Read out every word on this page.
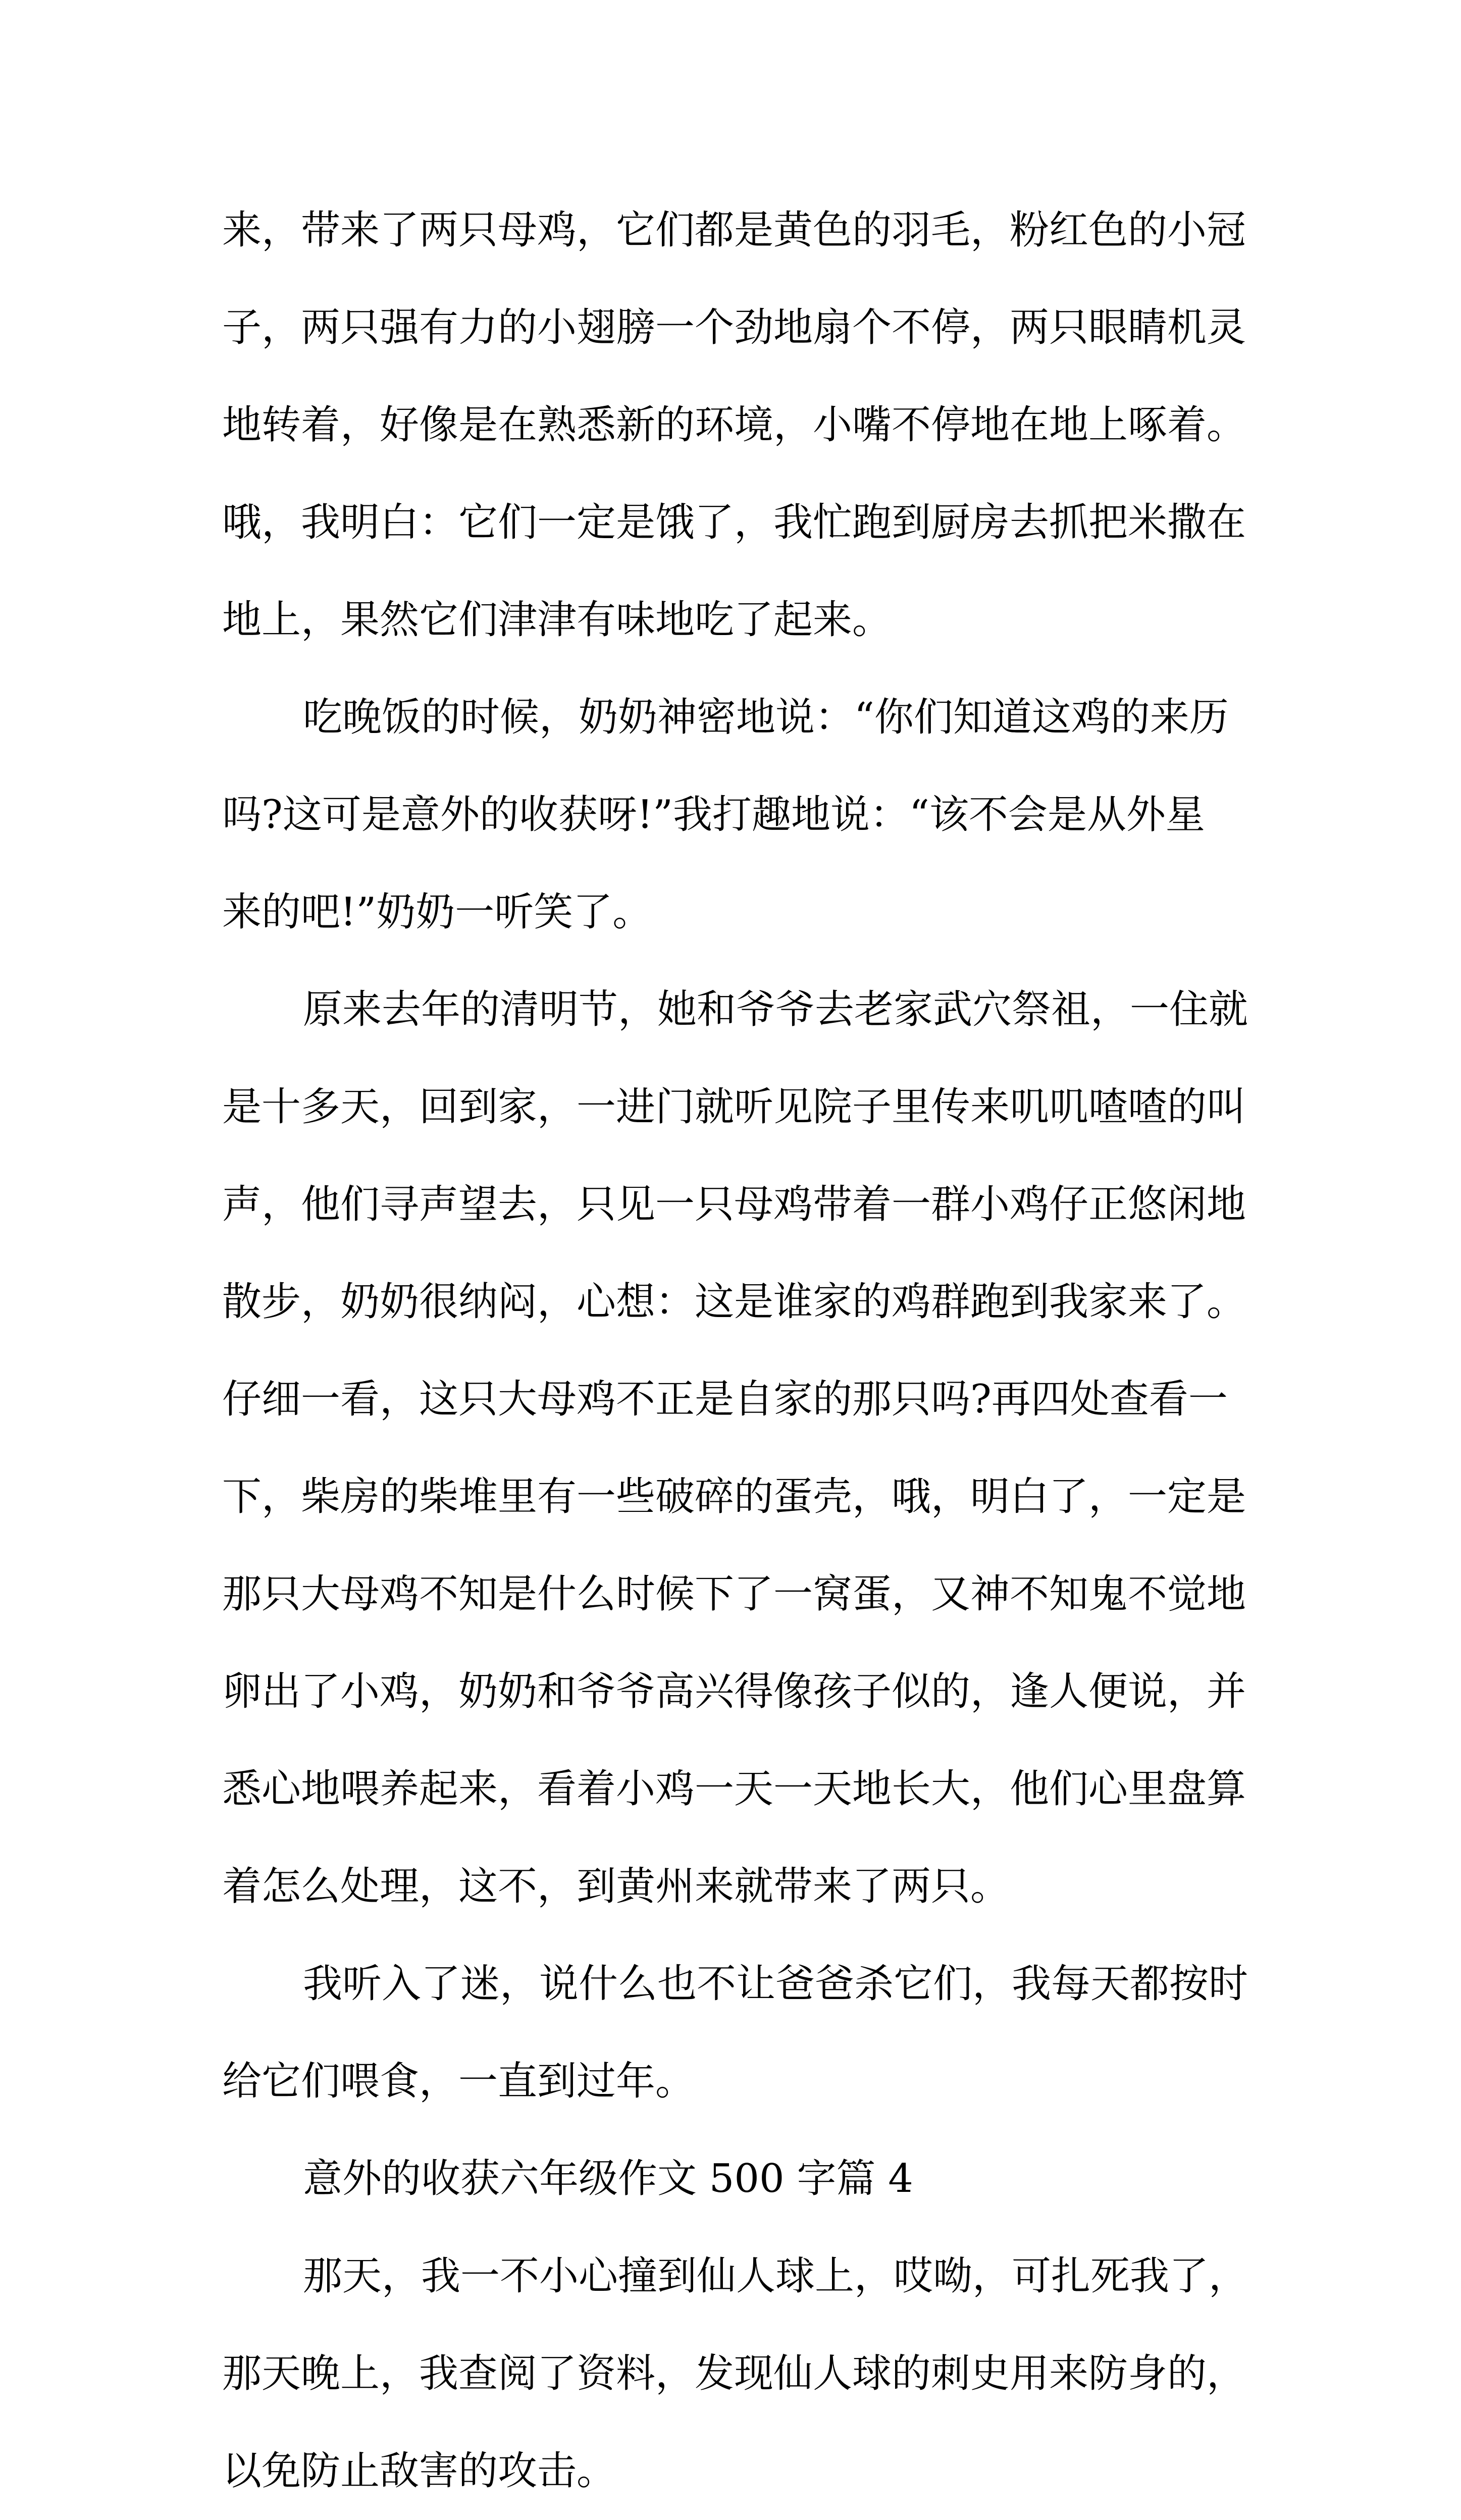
来，带来了两只母鸡，它们都是黄色的羽毛，粉红色的小冠
子，两只强有力的小翅膀一个劲地扇个不停，两只眼睛机灵
地转着，好像是在熟悉新的环境，小嘴不停地在地上啄着。
哦，我明白：它们一定是饿了，我忙跑到厨房去抓把米撒在
地上，果然它们津津有味地吃了起来。
吃晚饭的时候，奶奶神密地说：“你们知道这鸡的来历
吗?这可是意外的收获呀!”我打趣地说：“该不会是从外星
来的吧!”奶奶一听笑了。
原来去年的清明节，她和爷爷去老家武穴祭祖，一住就
是十多天，回到家，一进门就听见院子里传来叽叽喳喳的叫
声，他们寻声望去，只见一只母鸡带着一群小鸡仔正悠闲地
散步，奶奶很纳闷，心想：这是谁家的鸡群跑到我家来了。
仔细一看，这只大母鸡不正是自家的那只吗?再四处查看一
下，柴房的柴堆里有一些破碎的蛋壳，哦，明白了，一定是
那只大母鸡不知是什么时候下了一窝蛋，又神不知鬼不觉地
卵出了小鸡，奶奶和爷爷高兴得像孩子似的，逢人便说，并
悉心地喂养起来，看着小鸡一天一天地长大，他们心里盘算
着怎么处理，这不，到黄州来就带来了两只。
我听入了迷，说什么也不让爸爸杀它们，我每天都按时
给它们喂食，一直到过年。
意外的收获六年级作文 500 字篇 4
那天，我一不小心撞到仙人球上，哎呦，可扎死我了，
那天晚上，我查阅了资料，发现仙人球的刺史用来防身的，
以免防止敌害的攻击。
